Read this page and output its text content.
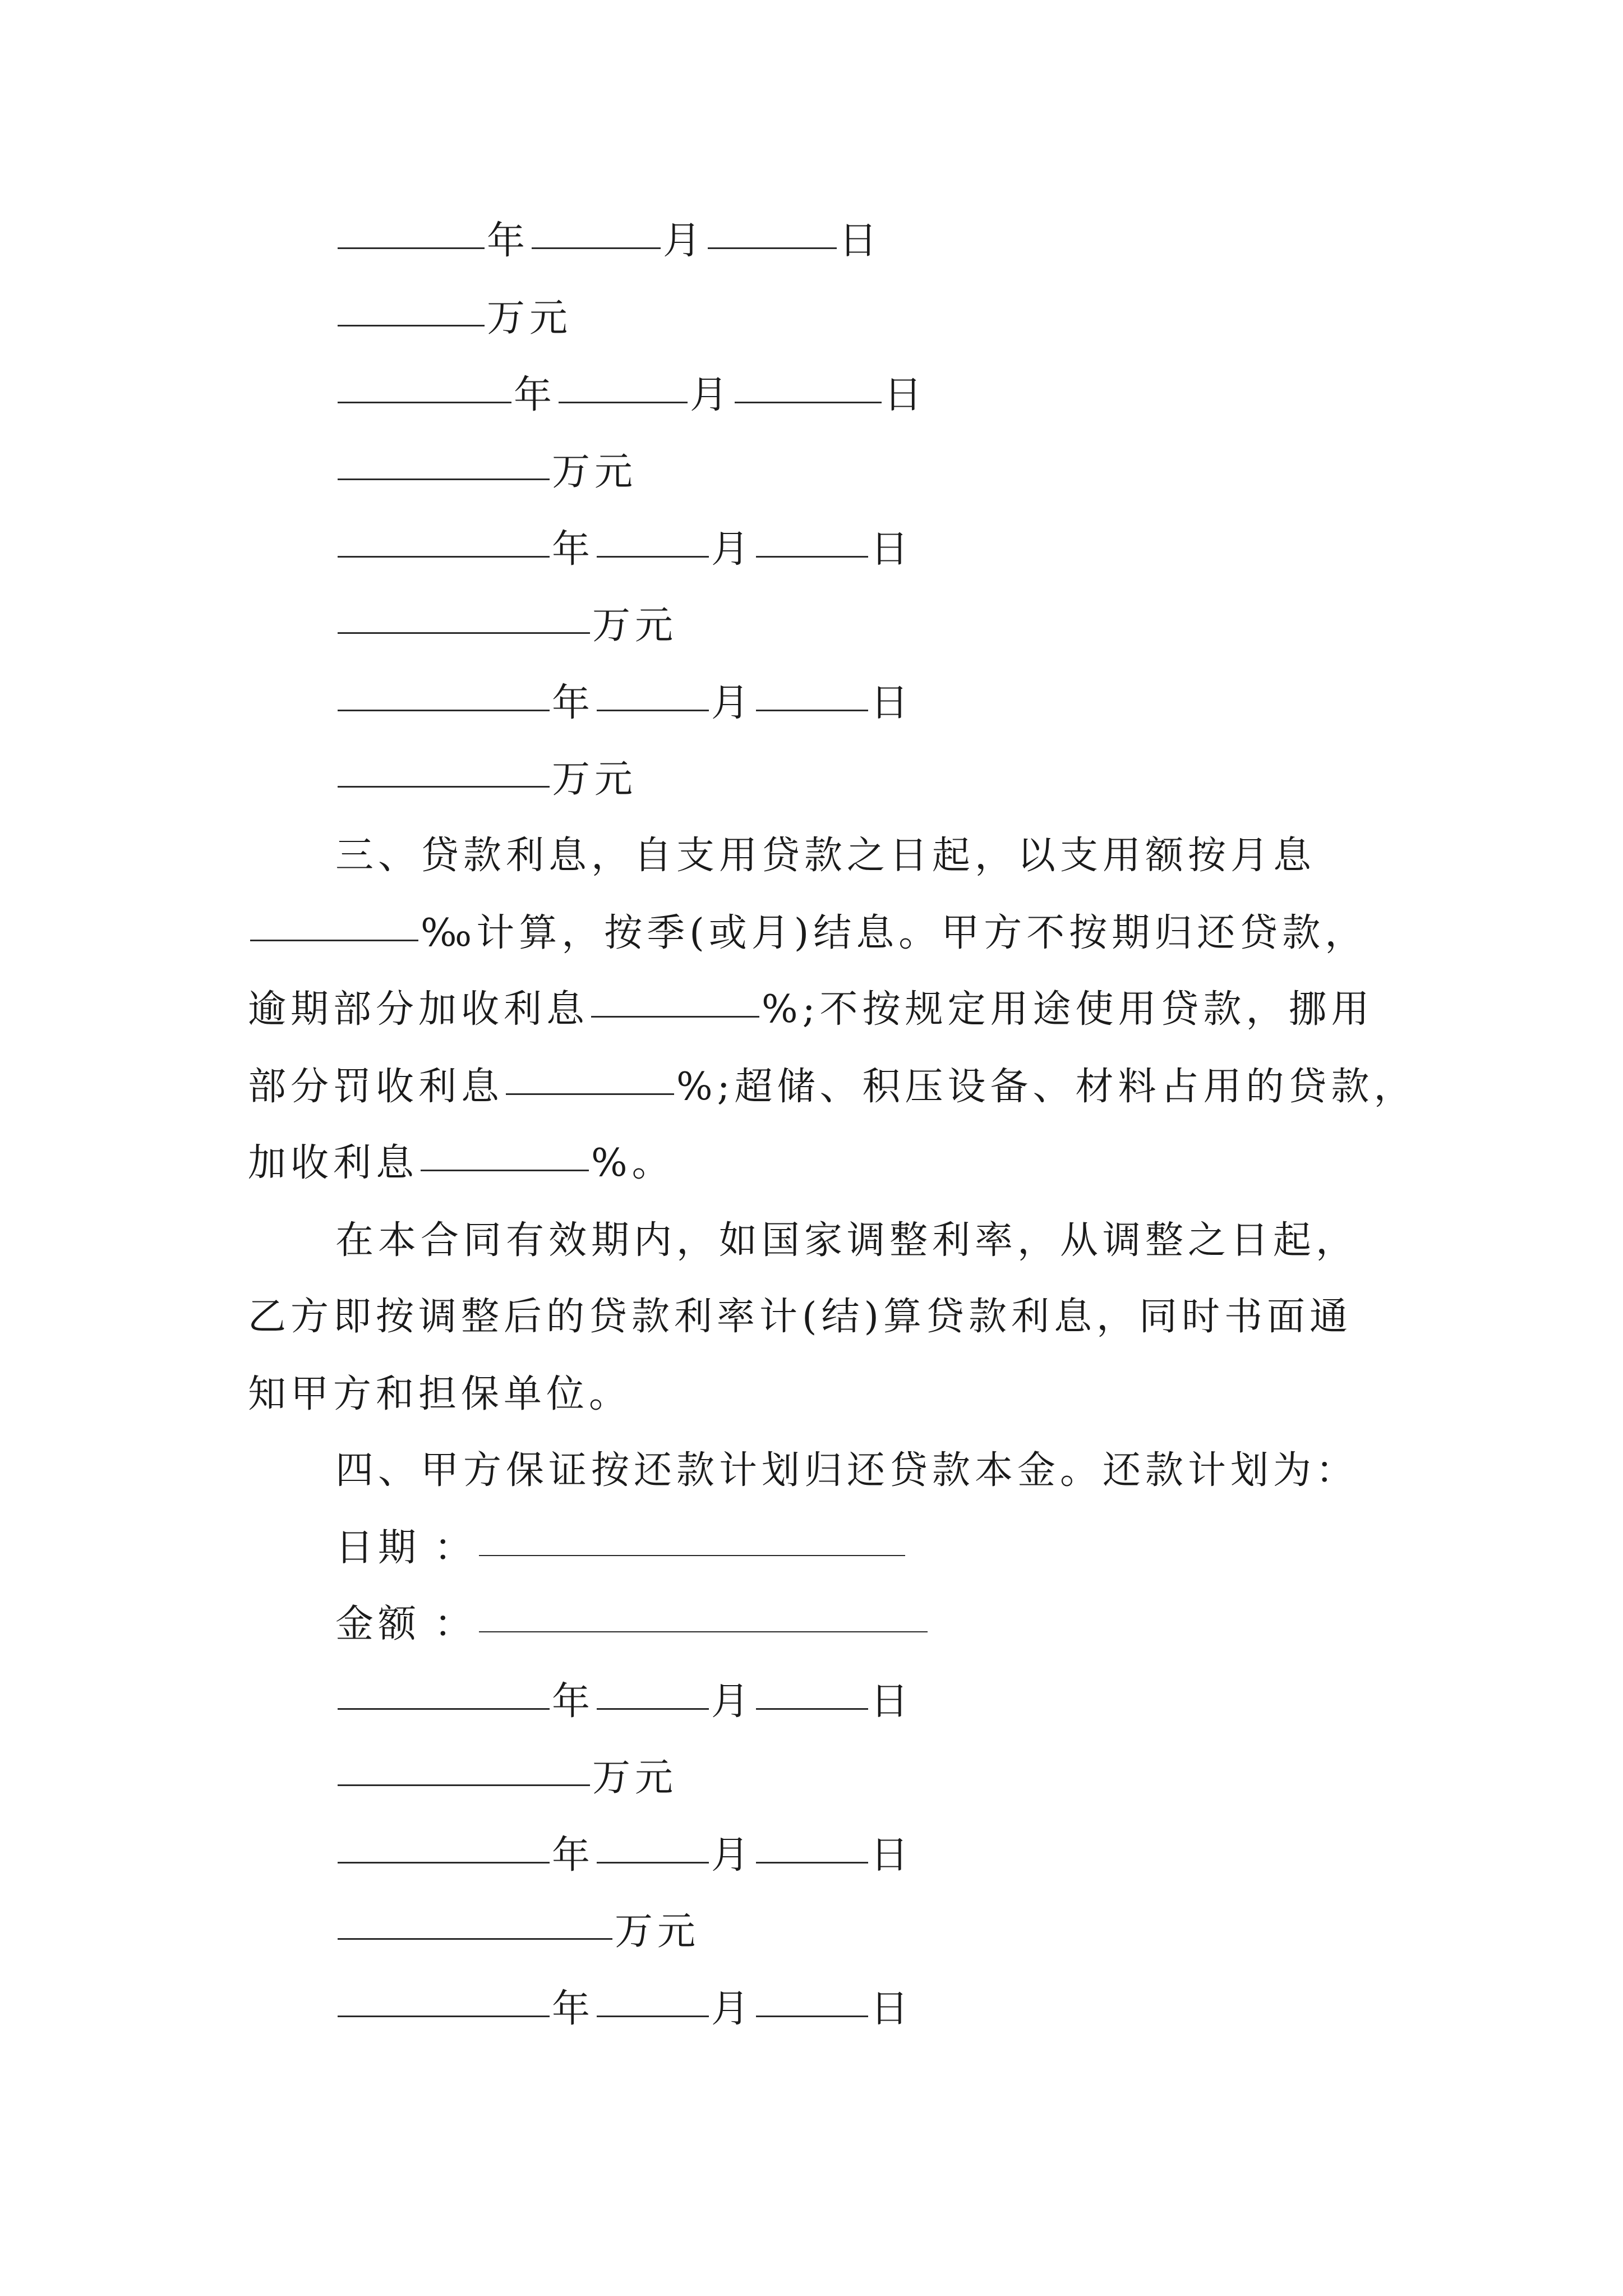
年	月	日
万元
年	月	日
万元
年	月	日
万元
年	月	日
万元
三、贷款利息，自支用贷款之日起，以支用额按月息
‰计算，按季(或月)结息。甲方不按期归还贷款，
逾期部分加收利息	%;不按规定用途使用贷款，挪用
部分罚收利息	%;超储、积压设备、材料占用的贷款，
加收利息	%。
在本合同有效期内，如国家调整利率，从调整之日起，
乙方即按调整后的贷款利率计(结)算贷款利息，同时书面通
知甲方和担保单位。
四、甲方保证按还款计划归还贷款本金。还款计划为：
日期 ：
金额 ：
年	月	日
万元
年	月	日
万元
年	月	日
